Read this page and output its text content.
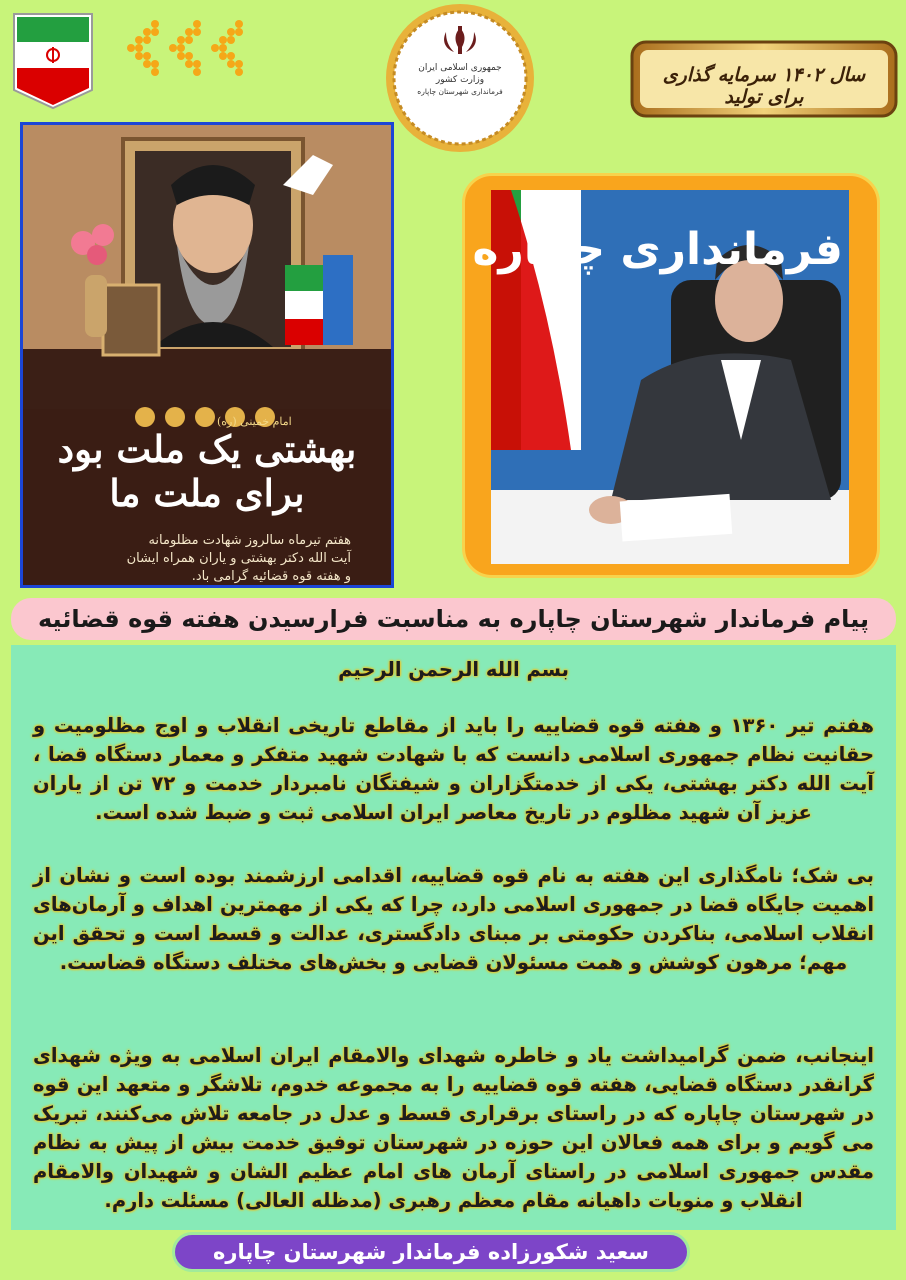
جمهوری اسلامی ایران
وزارت کشور
فرمانداری شهرستان چاپاره
سال ۱۴۰۲ سرمایه گذاری برای تولید
امام خمینی (ره)
بهشتی یک ملت بود برای ملت ما
هفتم تیرماه سالروز شهادت مظلومانه
آیت الله دکتر بهشتی و یاران همراه ایشان
و هفته قوه قضائیه گرامی باد.
فرمانداری چاپاره
پیام فرماندار شهرستان چاپاره به مناسبت فرارسیدن هفته قوه قضائیه
بسم الله الرحمن الرحیم
هفتم تیر ۱۳۶۰ و هفته قوه قضاییه را باید از مقاطع تاریخی انقلاب و اوج مظلومیت و حقانیت نظام جمهوری اسلامی دانست که با شهادت شهید متفکر و معمار دستگاه قضا ، آیت الله دکتر بهشتی، یکی از خدمتگزاران و شیفتگان نامبردار خدمت و ۷۲ تن از یاران عزیز آن شهید مظلوم در تاریخ معاصر ایران اسلامی ثبت و ضبط شده است.
بی شک؛ نامگذاری این هفته به نام قوه قضاییه، اقدامی ارزشمند بوده است و نشان از اهمیت جایگاه قضا در جمهوری اسلامی دارد، چرا که یکی از مهمترین اهداف و آرمان‌های انقلاب اسلامی، بناکردن حکومتی بر مبنای دادگستری، عدالت و قسط است و تحقق این مهم؛ مرهون کوشش و همت مسئولان قضایی و بخش‌های مختلف دستگاه قضاست.
اینجانب، ضمن گرامیداشت یاد و خاطره شهدای والامقام ایران اسلامی به ویژه شهدای گرانقدر دستگاه قضایی، هفته قوه قضاییه را به مجموعه خدوم، تلاشگر و متعهد این قوه در شهرستان چاپاره که در راستای برقراری قسط و عدل در جامعه تلاش می‌کنند، تبریک می گویم و برای همه فعالان این حوزه در شهرستان توفیق خدمت بیش از پیش به نظام مقدس جمهوری اسلامی در راستای آرمان های امام عظیم الشان و شهیدان والامقام انقلاب و منویات داهیانه مقام معظم رهبری (مدظله العالی) مسئلت دارم.
سعید شکورزاده فرماندار شهرستان چاپاره
